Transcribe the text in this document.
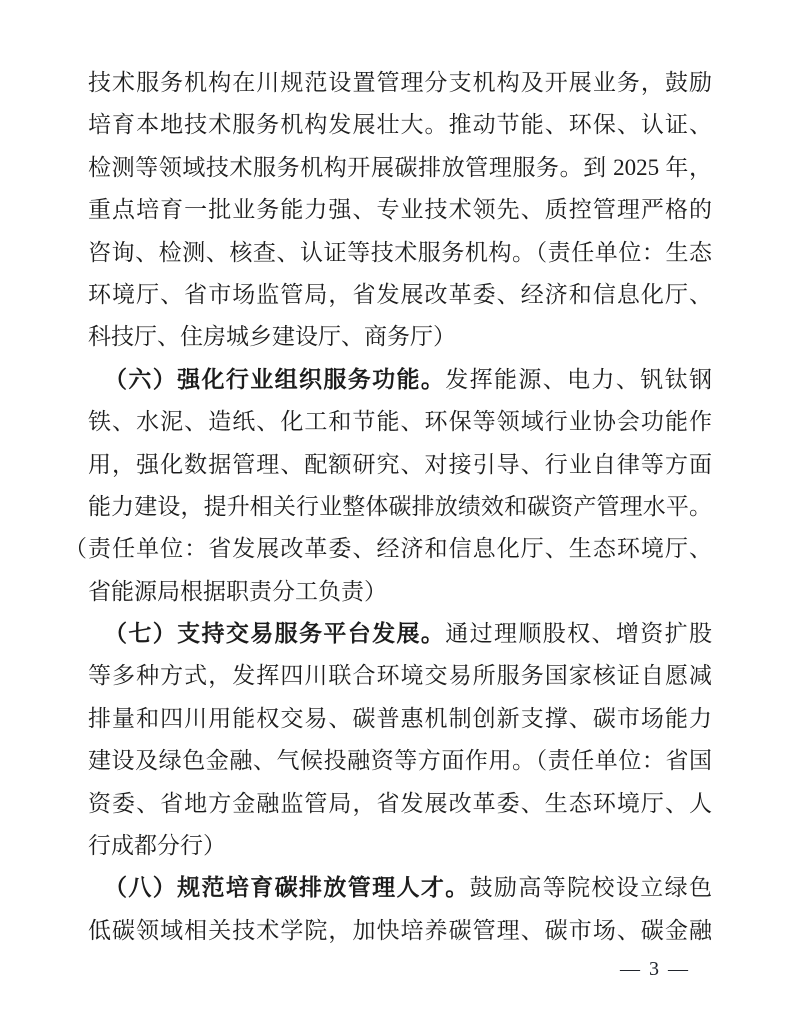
技术服务机构在川规范设置管理分支机构及开展业务，鼓励
培育本地技术服务机构发展壮大。推动节能、环保、认证、
检测等领域技术服务机构开展碳排放管理服务。到 2025 年，
重点培育一批业务能力强、专业技术领先、质控管理严格的
咨询、检测、核查、认证等技术服务机构。（责任单位：生态
环境厅、省市场监管局，省发展改革委、经济和信息化厅、
科技厅、住房城乡建设厅、商务厅）
（六）强化行业组织服务功能。发挥能源、电力、钒钛钢
铁、水泥、造纸、化工和节能、环保等领域行业协会功能作
用，强化数据管理、配额研究、对接引导、行业自律等方面
能力建设，提升相关行业整体碳排放绩效和碳资产管理水平。
（责任单位：省发展改革委、经济和信息化厅、生态环境厅、
省能源局根据职责分工负责）
（七）支持交易服务平台发展。通过理顺股权、增资扩股
等多种方式，发挥四川联合环境交易所服务国家核证自愿减
排量和四川用能权交易、碳普惠机制创新支撑、碳市场能力
建设及绿色金融、气候投融资等方面作用。（责任单位：省国
资委、省地方金融监管局，省发展改革委、生态环境厅、人
行成都分行）
（八）规范培育碳排放管理人才。鼓励高等院校设立绿色
低碳领域相关技术学院，加快培养碳管理、碳市场、碳金融
— 3 —
